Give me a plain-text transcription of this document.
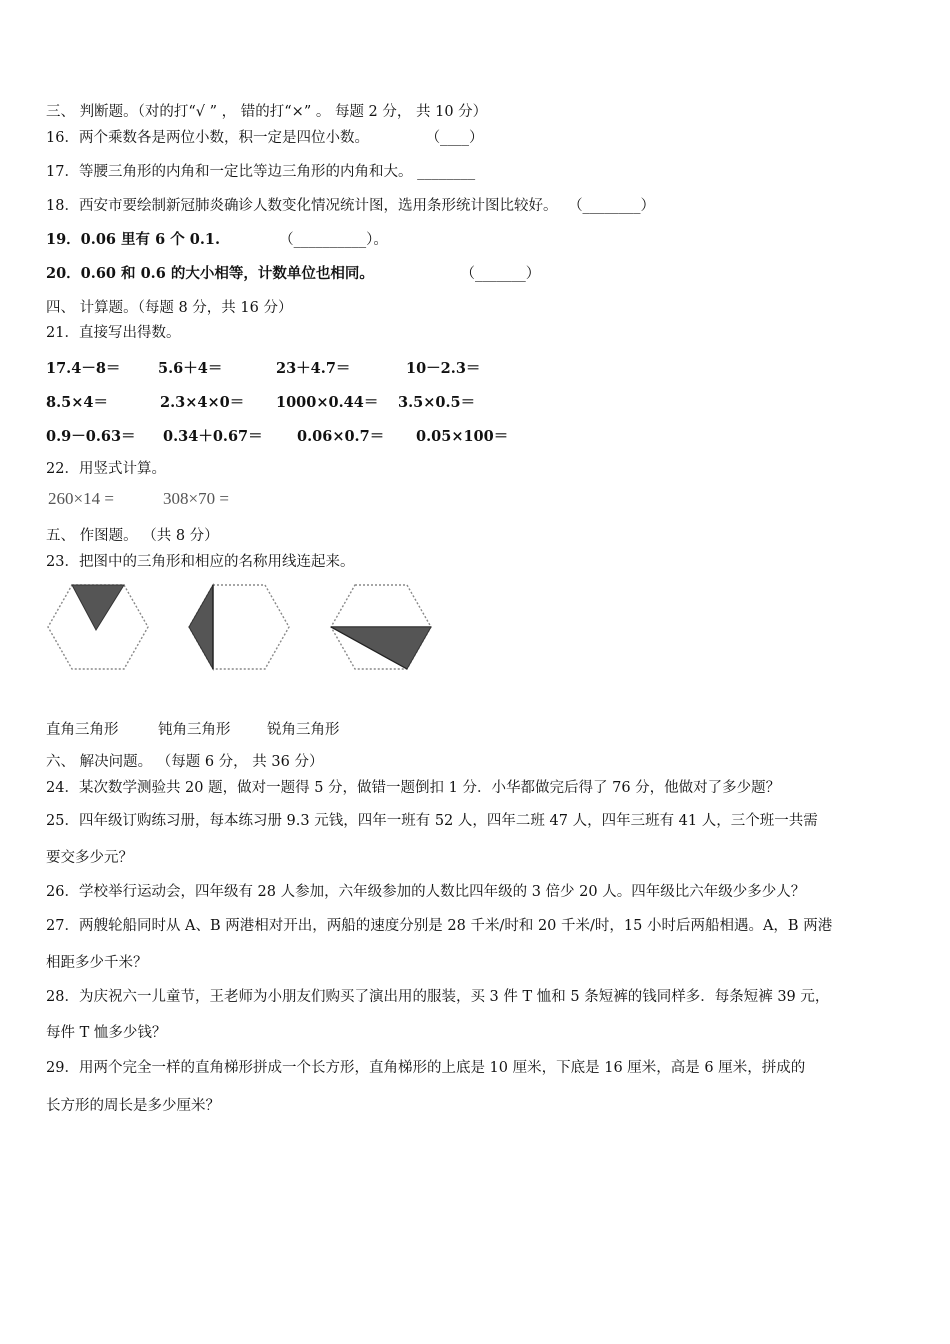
三、 判断题。（对的打“√ ” ， 错的打“×” 。 每题 2 分， 共 10 分）
16．两个乘数各是两位小数，积一定是四位小数。	（____）
17．等腰三角形的内角和一定比等边三角形的内角和大。 ________
18．西安市要绘制新冠肺炎确诊人数变化情况统计图，选用条形统计图比较好。 （________）
19．0.06 里有 6 个 0.1.	（__________）。
20．0.60 和 0.6 的大小相等，计数单位也相同。	（_______）
四、 计算题。（每题 8 分，共 16 分）
21．直接写出得数。
17.4－8＝	5.6＋4＝	23＋4.7＝	10－2.3＝
8.5×4＝	2.3×4×0＝ 1000×0.44＝ 3.5×0.5＝
0.9－0.63＝ 0.34＋0.67＝ 0.06×0.7＝ 0.05×100＝
22．用竖式计算。
260×14 =	308×70 =
五、 作图题。 （共 8 分）
23．把图中的三角形和相应的名称用线连起来。
直角三角形	钝角三角形	锐角三角形
六、 解决问题。 （每题 6 分， 共 36 分）
24．某次数学测验共 20 题，做对一题得 5 分，做错一题倒扣 1 分．小华都做完后得了 76 分，他做对了多少题？
25．四年级订购练习册，每本练习册 9.3 元钱，四年一班有 52 人，四年二班 47 人，四年三班有 41 人，三个班一共需
要交多少元？
26．学校举行运动会，四年级有 28 人参加，六年级参加的人数比四年级的 3 倍少 20 人。四年级比六年级少多少人？
27．两艘轮船同时从 A、B 两港相对开出，两船的速度分别是 28 千米/时和 20 千米/时，15 小时后两船相遇。A，B 两港
相距多少千米？
28．为庆祝六一儿童节，王老师为小朋友们购买了演出用的服装，买 3 件 T 恤和 5 条短裤的钱同样多．每条短裤 39 元，
每件 T 恤多少钱？
29．用两个完全一样的直角梯形拼成一个长方形，直角梯形的上底是 10 厘米，下底是 16 厘米，高是 6 厘米，拼成的
长方形的周长是多少厘米？
